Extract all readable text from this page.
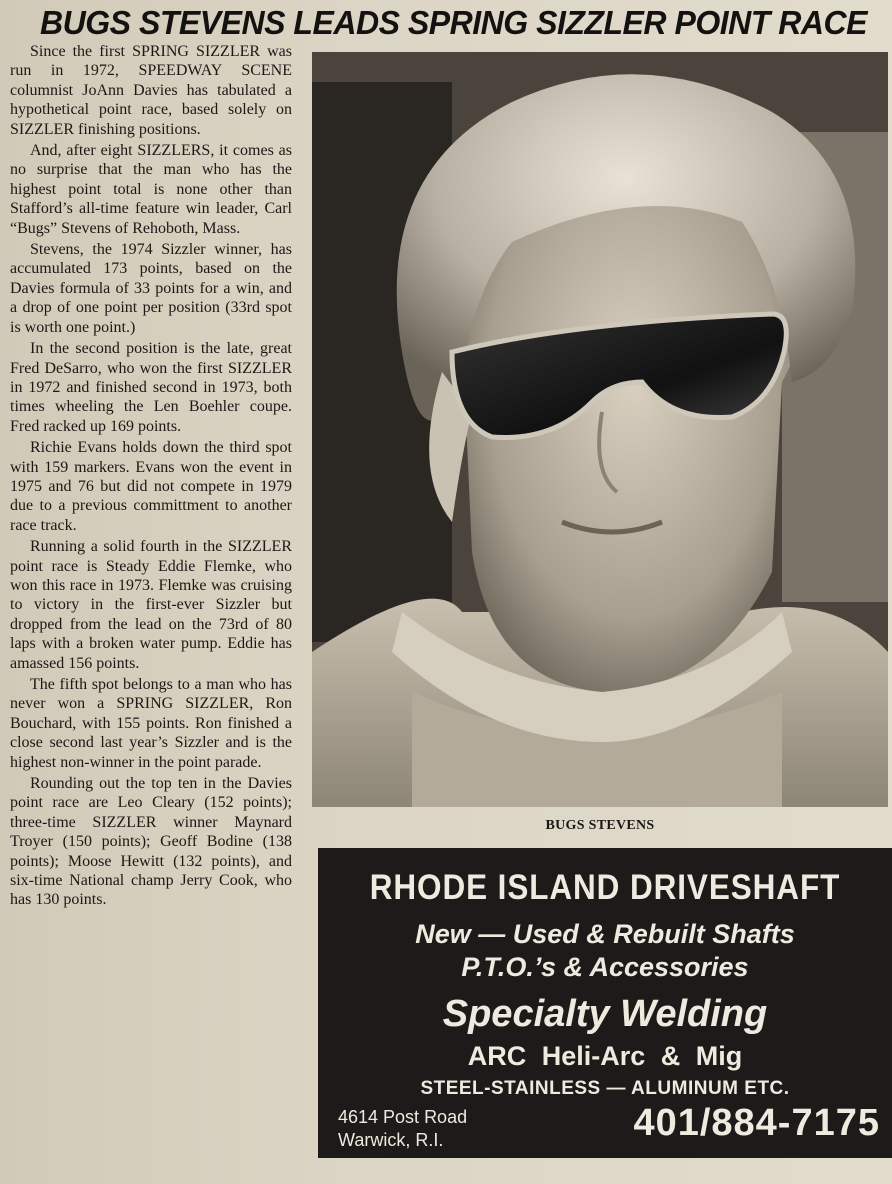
BUGS STEVENS LEADS SPRING SIZZLER POINT RACE

Since the first SPRING SIZZLER was run in 1972, SPEEDWAY SCENE columnist JoAnn Davies has tabulated a hypothetical point race, based solely on SIZZLER finishing positions.

And, after eight SIZZLERS, it comes as no surprise that the man who has the highest point total is none other than Stafford’s all-time feature win leader, Carl “Bugs” Stevens of Rehoboth, Mass.

Stevens, the 1974 Sizzler winner, has accumulated 173 points, based on the Davies formula of 33 points for a win, and a drop of one point per position (33rd spot is worth one point.)

In the second position is the late, great Fred DeSarro, who won the first SIZZLER in 1972 and finished second in 1973, both times wheeling the Len Boehler coupe. Fred racked up 169 points.

Richie Evans holds down the third spot with 159 markers. Evans won the event in 1975 and 76 but did not compete in 1979 due to a previous committment to another race track.

Running a solid fourth in the SIZZLER point race is Steady Eddie Flemke, who won this race in 1973. Flemke was cruising to victory in the first-ever Sizzler but dropped from the lead on the 73rd of 80 laps with a broken water pump. Eddie has amassed 156 points.

The fifth spot belongs to a man who has never won a SPRING SIZZLER, Ron Bouchard, with 155 points. Ron finished a close second last year’s Sizzler and is the highest non-winner in the point parade.

Rounding out the top ten in the Davies point race are Leo Cleary (152 points); three-time SIZZLER winner Maynard Troyer (150 points); Geoff Bodine (138 points); Moose Hewitt (132 points), and six-time National champ Jerry Cook, who has 130 points.

BUGS STEVENS
RHODE ISLAND DRIVESHAFT
New — Used & Rebuilt Shafts
P.T.O.’s & Accessories
Specialty Welding
ARC Heli-Arc & Mig
STEEL-STAINLESS — ALUMINUM ETC.
4614 Post Road
Warwick, R.I.	401/884-7175
